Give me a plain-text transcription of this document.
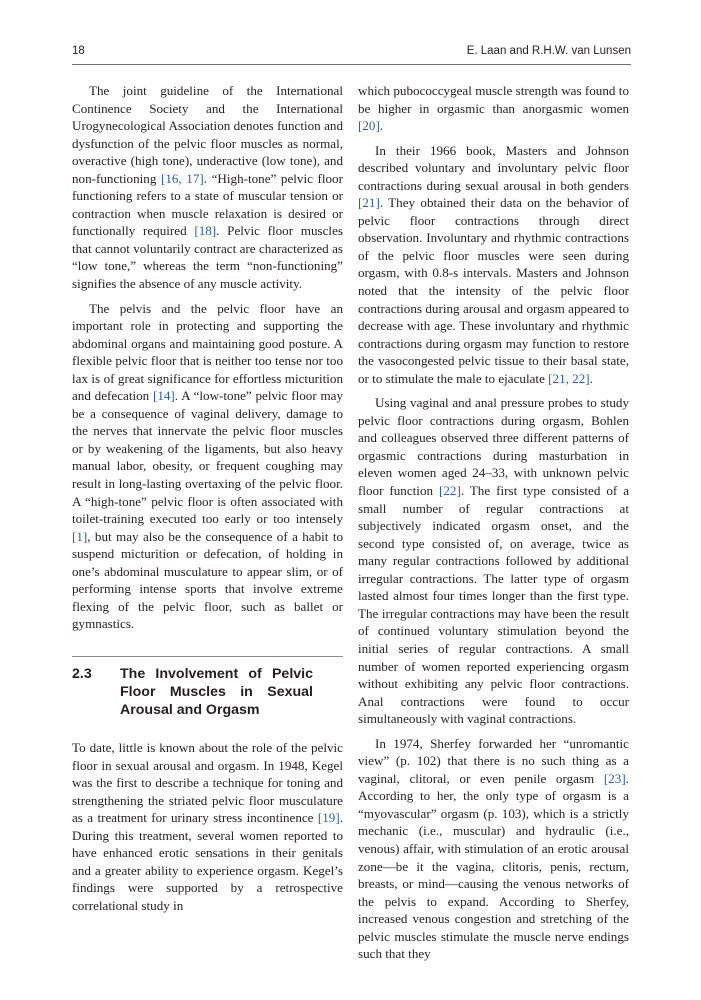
18	E. Laan and R.H.W. van Lunsen

The joint guideline of the International Continence Society and the International Urogynecological Association denotes function and dysfunction of the pelvic floor muscles as normal, overactive (high tone), underactive (low tone), and non-functioning [16, 17]. “High-tone” pelvic floor functioning refers to a state of muscular tension or contraction when muscle relaxation is desired or functionally required [18]. Pelvic floor muscles that cannot voluntarily contract are characterized as “low tone,” whereas the term “non-functioning” signifies the absence of any muscle activity.

The pelvis and the pelvic floor have an important role in protecting and supporting the abdominal organs and maintaining good posture. A flexible pelvic floor that is neither too tense nor too lax is of great significance for effortless micturition and defecation [14]. A “low-tone” pelvic floor may be a consequence of vaginal delivery, damage to the nerves that innervate the pelvic floor muscles or by weakening of the ligaments, but also heavy manual labor, obesity, or frequent coughing may result in long-lasting overtaxing of the pelvic floor. A “high-tone” pelvic floor is often associated with toilet-training executed too early or too intensely [1], but may also be the consequence of a habit to suspend micturition or defecation, of holding in one’s abdominal musculature to appear slim, or of performing intense sports that involve extreme flexing of the pelvic floor, such as ballet or gymnastics.

2.3	The Involvement of Pelvic Floor Muscles in Sexual Arousal and Orgasm

To date, little is known about the role of the pelvic floor in sexual arousal and orgasm. In 1948, Kegel was the first to describe a technique for toning and strengthening the striated pelvic floor musculature as a treatment for urinary stress incontinence [19]. During this treatment, several women reported to have enhanced erotic sensations in their genitals and a greater ability to experience orgasm. Kegel’s findings were supported by a retrospective correlational study in

which pubococcygeal muscle strength was found to be higher in orgasmic than anorgasmic women [20].

In their 1966 book, Masters and Johnson described voluntary and involuntary pelvic floor contractions during sexual arousal in both genders [21]. They obtained their data on the behavior of pelvic floor contractions through direct observation. Involuntary and rhythmic contractions of the pelvic floor muscles were seen during orgasm, with 0.8-s intervals. Masters and Johnson noted that the intensity of the pelvic floor contractions during arousal and orgasm appeared to decrease with age. These involuntary and rhythmic contractions during orgasm may function to restore the vasocongested pelvic tissue to their basal state, or to stimulate the male to ejaculate [21, 22].

Using vaginal and anal pressure probes to study pelvic floor contractions during orgasm, Bohlen and colleagues observed three different patterns of orgasmic contractions during masturbation in eleven women aged 24–33, with unknown pelvic floor function [22]. The first type consisted of a small number of regular contractions at subjectively indicated orgasm onset, and the second type consisted of, on average, twice as many regular contractions followed by additional irregular contractions. The latter type of orgasm lasted almost four times longer than the first type. The irregular contractions may have been the result of continued voluntary stimulation beyond the initial series of regular contractions. A small number of women reported experiencing orgasm without exhibiting any pelvic floor contractions. Anal contractions were found to occur simultaneously with vaginal contractions.

In 1974, Sherfey forwarded her “unromantic view” (p. 102) that there is no such thing as a vaginal, clitoral, or even penile orgasm [23]. According to her, the only type of orgasm is a “myovascular” orgasm (p. 103), which is a strictly mechanic (i.e., muscular) and hydraulic (i.e., venous) affair, with stimulation of an erotic arousal zone—be it the vagina, clitoris, penis, rectum, breasts, or mind—causing the venous networks of the pelvis to expand. According to Sherfey, increased venous congestion and stretching of the pelvic muscles stimulate the muscle nerve endings such that they
